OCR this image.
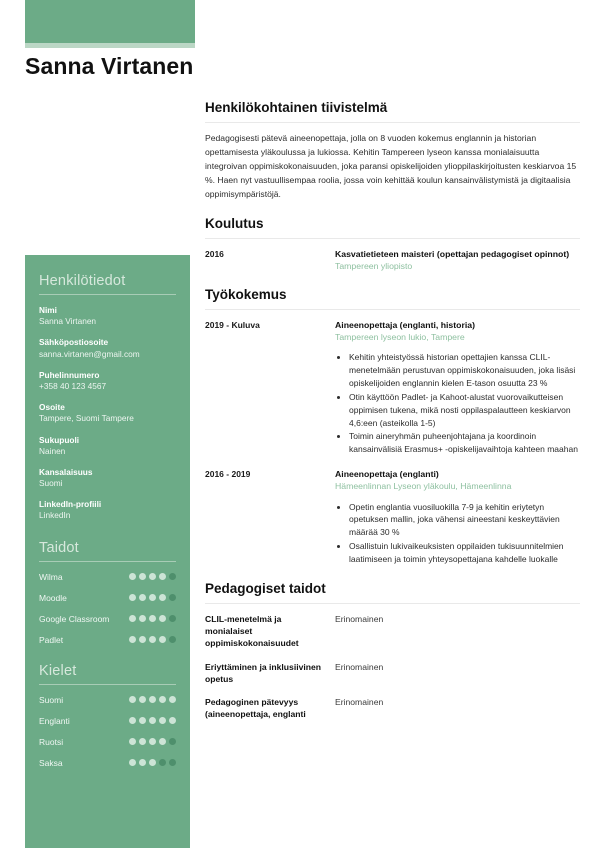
Sanna Virtanen
Henkilötiedot
Nimi
Sanna Virtanen
Sähköpostiosoite
sanna.virtanen@gmail.com
Puhelinnumero
+358 40 123 4567
Osoite
Tampere, Suomi Tampere
Sukupuoli
Nainen
Kansalaisuus
Suomi
LinkedIn-profiili
LinkedIn
Taidot
Wilma
Moodle
Google Classroom
Padlet
Kielet
Suomi
Englanti
Ruotsi
Saksa
Henkilökohtainen tiivistelmä
Pedagogisesti pätevä aineenopettaja, jolla on 8 vuoden kokemus englannin ja historian opettamisesta yläkoulussa ja lukiossa. Kehitin Tampereen lyseon kanssa monialaisuutta integroivan oppimiskokonaisuuden, joka paransi opiskelijoiden ylioppilaskirjoitusten keskiarvoa 15 %. Haen nyt vastuullisempaa roolia, jossa voin kehittää koulun kansainvälistymistä ja digitaalisia oppimisympäristöjä.
Koulutus
2016	Kasvatietieteen maisteri (opettajan pedagogiset opinnot)
Tampereen yliopisto
Työkokemus
2019 - Kuluva	Aineenopettaja (englanti, historia)
Tampereen lyseon lukio, Tampere
• Kehitin yhteistyössä historian opettajien kanssa CLIL-menetelmään perustuvan oppimiskokonaisuuden, joka lisäsi opiskelijoiden englannin kielen E-tason osuutta 23 %
• Otin käyttöön Padlet- ja Kahoot-alustat vuorovaikutteisen oppimisen tukena, mikä nosti oppilaspalautteen keskiarvon 4,6:een (asteikolla 1-5)
• Toimin aineryhmän puheenjohtajana ja koordinoin kansainvälisiä Erasmus+ -opiskelijavaihtoja kahteen maahan
2016 - 2019	Aineenopettaja (englanti)
Hämeenlinnan Lyseon yläkoulu, Hämeenlinna
• Opetin englantia vuosiluokilla 7-9 ja kehitin eriytetyn opetuksen mallin, joka vähensi aineestani keskeyttävien määrää 30 %
• Osallistuin lukivaikeuksisten oppilaiden tukisuunnitelmien laatimiseen ja toimin yhteysopettajana kahdelle luokalle
Pedagogiset taidot
CLIL-menetelmä ja monialaiset oppimiskokonaisuudet
Erinomainen
Eriyttäminen ja inklusiivinen opetus
Erinomainen
Pedagoginen pätevyys (aineenopettaja, englanti
Erinomainen
